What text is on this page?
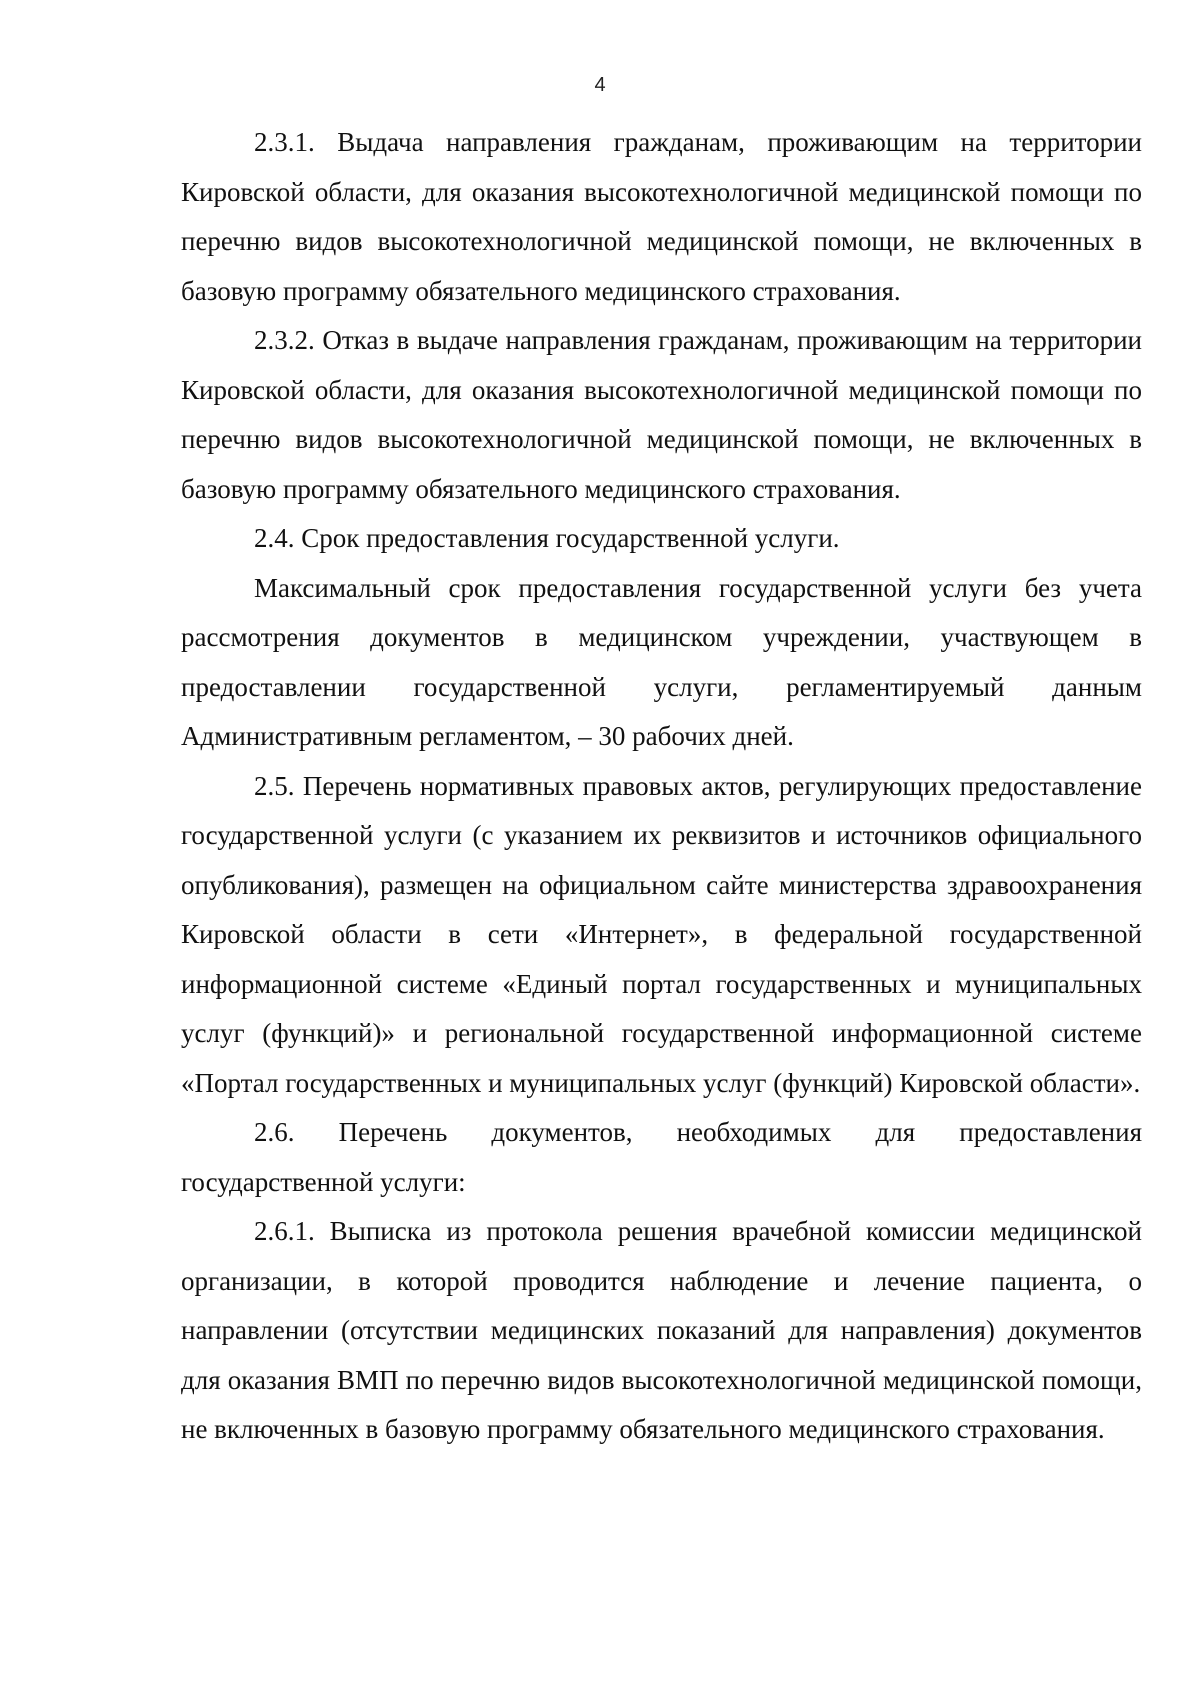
4

2.3.1. Выдача направления гражданам, проживающим на территории Кировской области, для оказания высокотехнологичной медицинской помощи по перечню видов высокотехнологичной медицинской помощи, не включенных в базовую программу обязательного медицинского страхования.

2.3.2. Отказ в выдаче направления гражданам, проживающим на территории Кировской области, для оказания высокотехнологичной медицинской помощи по перечню видов высокотехнологичной медицинской помощи, не включенных в базовую программу обязательного медицинского страхования.

2.4. Срок предоставления государственной услуги.

Максимальный срок предоставления государственной услуги без учета рассмотрения документов в медицинском учреждении, участвующем в предоставлении государственной услуги, регламентируемый данным Административным регламентом, – 30 рабочих дней.

2.5. Перечень нормативных правовых актов, регулирующих предоставление государственной услуги (с указанием их реквизитов и источников официального опубликования), размещен на официальном сайте министерства здравоохранения Кировской области в сети «Интернет», в федеральной государственной информационной системе «Единый портал государственных и муниципальных услуг (функций)» и региональной государственной информационной системе «Портал государственных и муниципальных услуг (функций) Кировской области».

2.6. Перечень документов, необходимых для предоставления государственной услуги:

2.6.1. Выписка из протокола решения врачебной комиссии медицинской организации, в которой проводится наблюдение и лечение пациента, о направлении (отсутствии медицинских показаний для направления) документов для оказания ВМП по перечню видов высокотехнологичной медицинской помощи, не включенных в базовую программу обязательного медицинского страхования.
